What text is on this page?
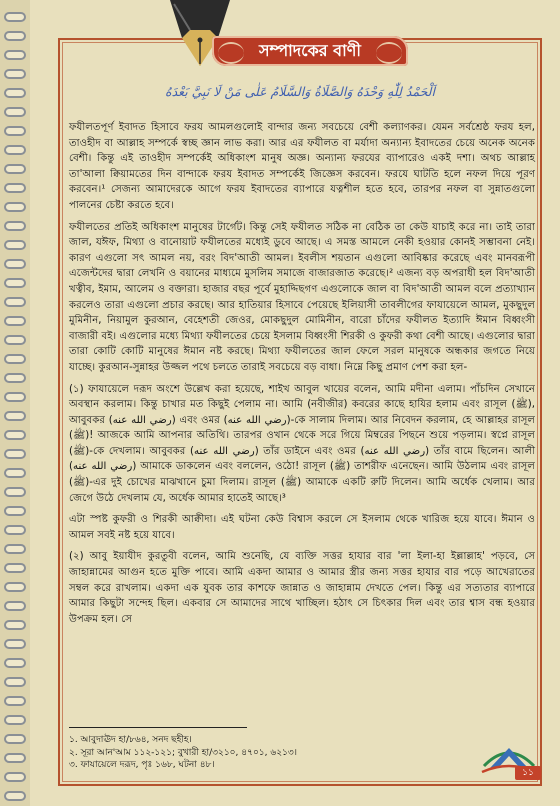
সম্পাদকের বাণী
اَلْحَمْدُ لِلّٰهِ وَحْدَهُ وَالصَّلَاةُ وَالسَّلَامُ عَلٰى مَنْ لَا نَبِيَّ بَعْدَهُ

ফযীলতপূর্ণ ইবাদত হিসাবে ফরয আমলগুলোই বান্দার জন্য সবচেয়ে বেশী কল্যাণকর। যেমন সর্বশ্রেষ্ঠ ফরয হল, তাওহীদ বা আল্লাহ সম্পর্কে স্বচ্ছ জ্ঞান লাভ করা। আর এর ফযীলত বা মর্যাদা অন্যান্য ইবাদতের চেয়ে অনেক অনেক বেশী। কিন্তু এই তাওহীদ সম্পর্কেই অধিকাংশ মানুষ অজ্ঞ। অন্যান্য ফরযের ব্যাপারেও একই দশা। অথচ আল্লাহ তা'আলা ক্বিয়ামতের দিন বান্দাকে ফরয ইবাদত সম্পর্কেই জিজ্ঞেস করবেন। ফরযে ঘাটতি হলে নফল দিয়ে পূরণ করবেন।¹ সেজন্য আমাদেরকে আগে ফরয ইবাদতের ব্যাপারে যত্নশীল হতে হবে, তারপর নফল বা সুন্নাতগুলো পালনের চেষ্টা করতে হবে।

ফযীলতের প্রতিই অধিকাংশ মানুষের টার্গেট। কিন্তু সেই ফযীলত সঠিক না বেঠিক তা কেউ যাচাই করে না। তাই তারা জাল, যঈফ, মিথ্যা ও বানোয়াট ফযীলতের মধ্যেই ডুবে আছে। এ সমস্ত আমলে নেকী হওয়ার কোনই সম্ভাবনা নেই। কারণ এগুলো সৎ আমল নয়, বরং বিদ'আতী আমল। ইবলীস শয়তান এগুলো আবিষ্কার করেছে এবং মানবরূপী এজেন্টদের দ্বারা লেখনি ও বয়ানের মাধ্যমে মুসলিম সমাজে বাজারজাত করেছে।² এজন্য বড় অপরাধী হল বিদ'আতী খত্বীব, ইমাম, আলেম ও বক্তারা। হাজার বছর পূর্বে মুহাদ্দিছগণ এগুলোকে জাল বা বিদ'আতী আমল বলে প্রত্যাখ্যান করলেও তারা এগুলো প্রচার করছে। আর হাতিয়ার হিসাবে পেয়েছে ইলিয়াসী তাবলীগের ফাযায়েলে আমল, মুকছুদুল মুমিনীন, নিয়ামুল কুরআন, বেহেশতী জেওর, মোকছুদুল মোমিনীন, বারো চাঁদের ফযীলত ইত্যাদি ঈমান বিধ্বংসী বাজারী বই। এগুলোর মধ্যে মিথ্যা ফযীলতের চেয়ে ইসলাম বিধ্বংসী শিরকী ও কুফরী কথা বেশী আছে। এগুলোর দ্বারা তারা কোটি কোটি মানুষের ঈমান নষ্ট করছে। মিথ্যা ফযীলতের জাল ফেলে সরল মানুষকে অন্ধকার জগতে নিয়ে যাচ্ছে। কুরআন-সুন্নাহর উজ্জল পথে চলতে তারাই সবচেয়ে বড় বাধা। নিম্নে কিছু প্রমাণ পেশ করা হল-

(১) ফাযায়েলে দরূদ অংশে উল্লেখ করা হয়েছে, শাইখ আবুল খায়ের বলেন, আমি মদীনা এলাম। পাঁচদিন সেখানে অবস্থান করলাম। কিন্তু চাখার মত কিছুই পেলাম না। আমি (নবীজীর) কবরের কাছে হাযির হলাম এবং রাসূল (ﷺ), আবুবকর (رضي الله عنه) এবং ওমর (رضي الله عنه)-কে সালাম দিলাম। আর নিবেদন করলাম, হে আল্লাহর রাসূল (ﷺ)! আজকে আমি আপনার অতিথি। তারপর ওখান থেকে সরে গিয়ে মিম্বরের পিছনে শুয়ে পড়লাম। স্বপ্নে রাসূল (ﷺ)-কে দেখলাম। আবুবকর (رضي الله عنه) তাঁর ডাইনে এবং ওমর (رضي الله عنه) তাঁর বামে ছিলেন। আলী (رضي الله عنه) আমাকে ডাকলেন এবং বললেন, ওঠো! রাসূল (ﷺ) তাশরীফ এনেছেন। আমি উঠলাম এবং রাসূল (ﷺ)-এর দুই চোখের মাঝখানে চুমা দিলাম। রাসূল (ﷺ) আমাকে একটি রুটি দিলেন। আমি অর্ধেক খেলাম। আর জেগে উঠে দেখলাম যে, অর্ধেক আমার হাতেই আছে।³

এটা স্পষ্ট কুফরী ও শিরকী আক্বীদা। এই ঘটনা কেউ বিশ্বাস করলে সে ইসলাম থেকে খারিজ হয়ে যাবে। ঈমান ও আমল সবই নষ্ট হয়ে যাবে।

(২) আবু ইয়াযীদ কুরতুবী বলেন, আমি শুনেছি, যে ব্যক্তি সত্তর হাযার বার 'লা ইলা-হা ইল্লাল্লাহ' পড়বে, সে জাহান্নামের আগুন হতে মুক্তি পাবে। আমি একদা আমার ও আমার স্ত্রীর জন্য সত্তর হাযার বার পড়ে আখেরাতের সম্বল করে রাখলাম। একদা এক যুবক তার কাশফে জান্নাত ও জাহান্নাম দেখতে পেল। কিন্তু এর সত্যতার ব্যাপারে আমার কিছুটা সন্দেহ ছিল। একবার সে আমাদের সাথে খাচ্ছিল। হঠাৎ সে চিৎকার দিল এবং তার শ্বাস বন্ধ হওয়ার উপক্রম হল। সে

১. আবুদাঊদ হা/৮৬৪, সনদ ছহীহ।
২. সূরা আন'আম ১১২-১২১; বুখারী হা/৩২১০, ৪৭০১, ৬২১৩।
৩. ফাযায়েলে দরূদ, পৃঃ ১৬৮, ঘটনা ৪৮।
১১
